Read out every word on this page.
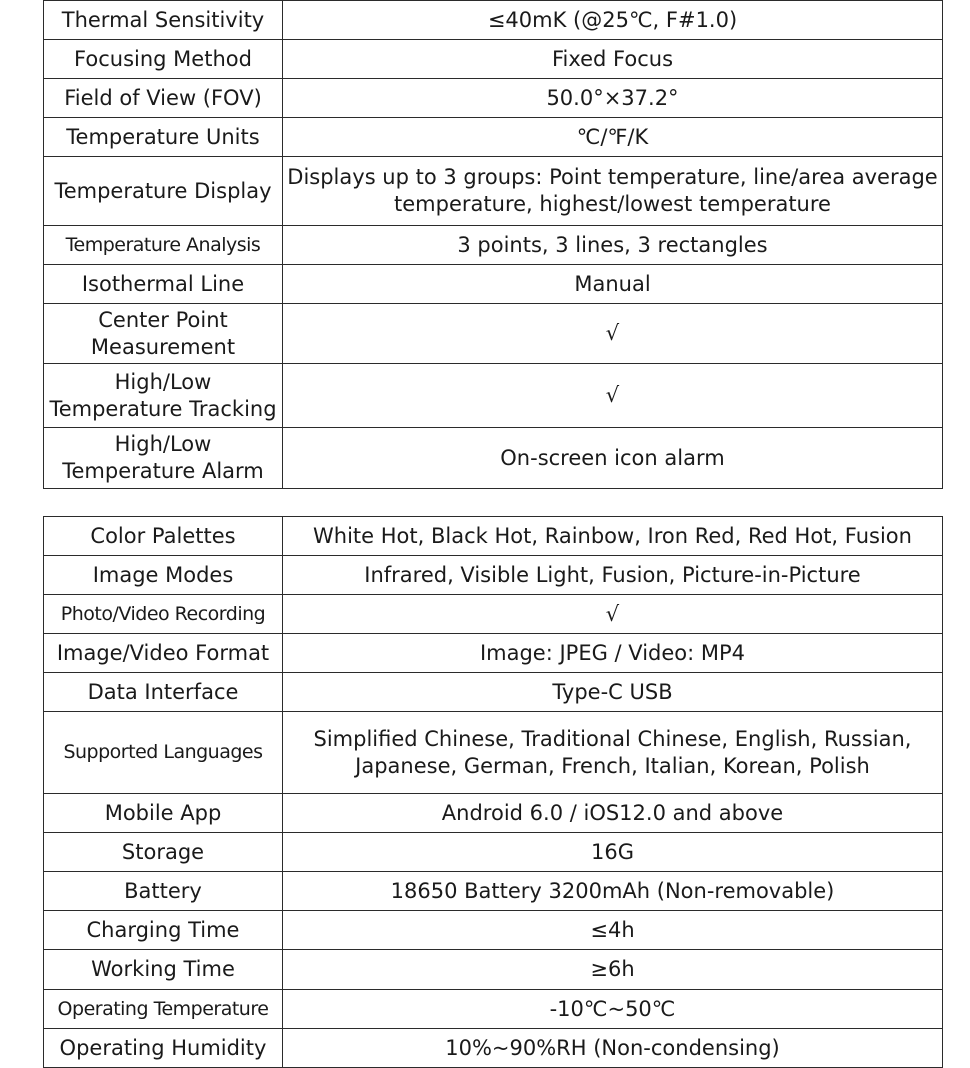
Thermal Sensitivity	≤40mK (@25℃, F#1.0)
Focusing Method	Fixed Focus
Field of View (FOV)	50.0°×37.2°
Temperature Units	℃/℉/K
Temperature Display	Displays up to 3 groups: Point temperature, line/area average temperature, highest/lowest temperature
Temperature Analysis	3 points, 3 lines, 3 rectangles
Isothermal Line	Manual
Center Point Measurement	√
High/Low Temperature Tracking	√
High/Low Temperature Alarm	On-screen icon alarm
Color Palettes	White Hot, Black Hot, Rainbow, Iron Red, Red Hot, Fusion
Image Modes	Infrared, Visible Light, Fusion, Picture-in-Picture
Photo/Video Recording	√
Image/Video Format	Image: JPEG / Video: MP4
Data Interface	Type-C USB
Supported Languages	Simplified Chinese, Traditional Chinese, English, Russian, Japanese, German, French, Italian, Korean, Polish
Mobile App	Android 6.0 / iOS12.0 and above
Storage	16G
Battery	18650 Battery 3200mAh (Non-removable)
Charging Time	≤4h
Working Time	≥6h
Operating Temperature	-10℃~50℃
Operating Humidity	10%~90%RH (Non-condensing)
